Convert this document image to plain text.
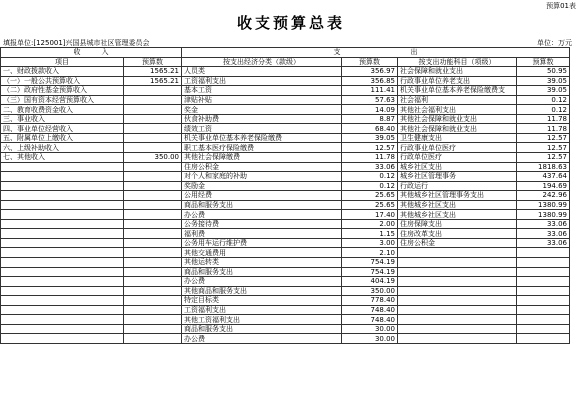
预算01表
收支预算总表
填报单位:[125001]兴国县城市社区管理委员会	单位：万元
收　　　入		支　　　　　　　　　　出			
项目	预算数	按支出经济分类（款级）	预算数	按支出功能科目（项级）	预算数
一、财政拨款收入	1565.21	人员类	356.97	社会保障和就业支出	50.95
（一）一般公共预算收入	1565.21	工资福利支出	356.85	行政事业单位养老支出	39.05
（二）政府性基金预算收入		基本工资	111.41	机关事业单位基本养老保险缴费支	39.05
（三）国有资本经营预算收入		津贴补贴	57.63	社会福利	0.12
二、教育收费资金收入		奖金	14.09	其他社会福利支出	0.12
三、事业收入		伙食补助费	8.87	其他社会保障和就业支出	11.78
四、事业单位经营收入		绩效工资	68.40	其他社会保障和就业支出	11.78
五、附属单位上缴收入		机关事业单位基本养老保险缴费	39.05	卫生健康支出	12.57
六、上级补助收入		职工基本医疗保险缴费	12.57	行政事业单位医疗	12.57
七、其他收入	350.00	其他社会保障缴费	11.78	行政单位医疗	12.57
		住房公积金	33.06	城乡社区支出	1818.63
		对个人和家庭的补助	0.12	城乡社区管理事务	437.64
		奖励金	0.12	行政运行	194.69
		公用经费	25.65	其他城乡社区管理事务支出	242.96
		商品和服务支出	25.65	其他城乡社区支出	1380.99
		办公费	17.40	其他城乡社区支出	1380.99
		公务接待费	2.00	住房保障支出	33.06
		福利费	1.15	住房改革支出	33.06
		公务用车运行维护费	3.00	住房公积金	33.06
		其他交通费用	2.10		
		其他运转类	754.19		
		商品和服务支出	754.19		
		办公费	404.19		
		其他商品和服务支出	350.00		
		特定目标类	778.40		
		工资福利支出	748.40		
		其他工资福利支出	748.40		
		商品和服务支出	30.00		
		办公费	30.00		
